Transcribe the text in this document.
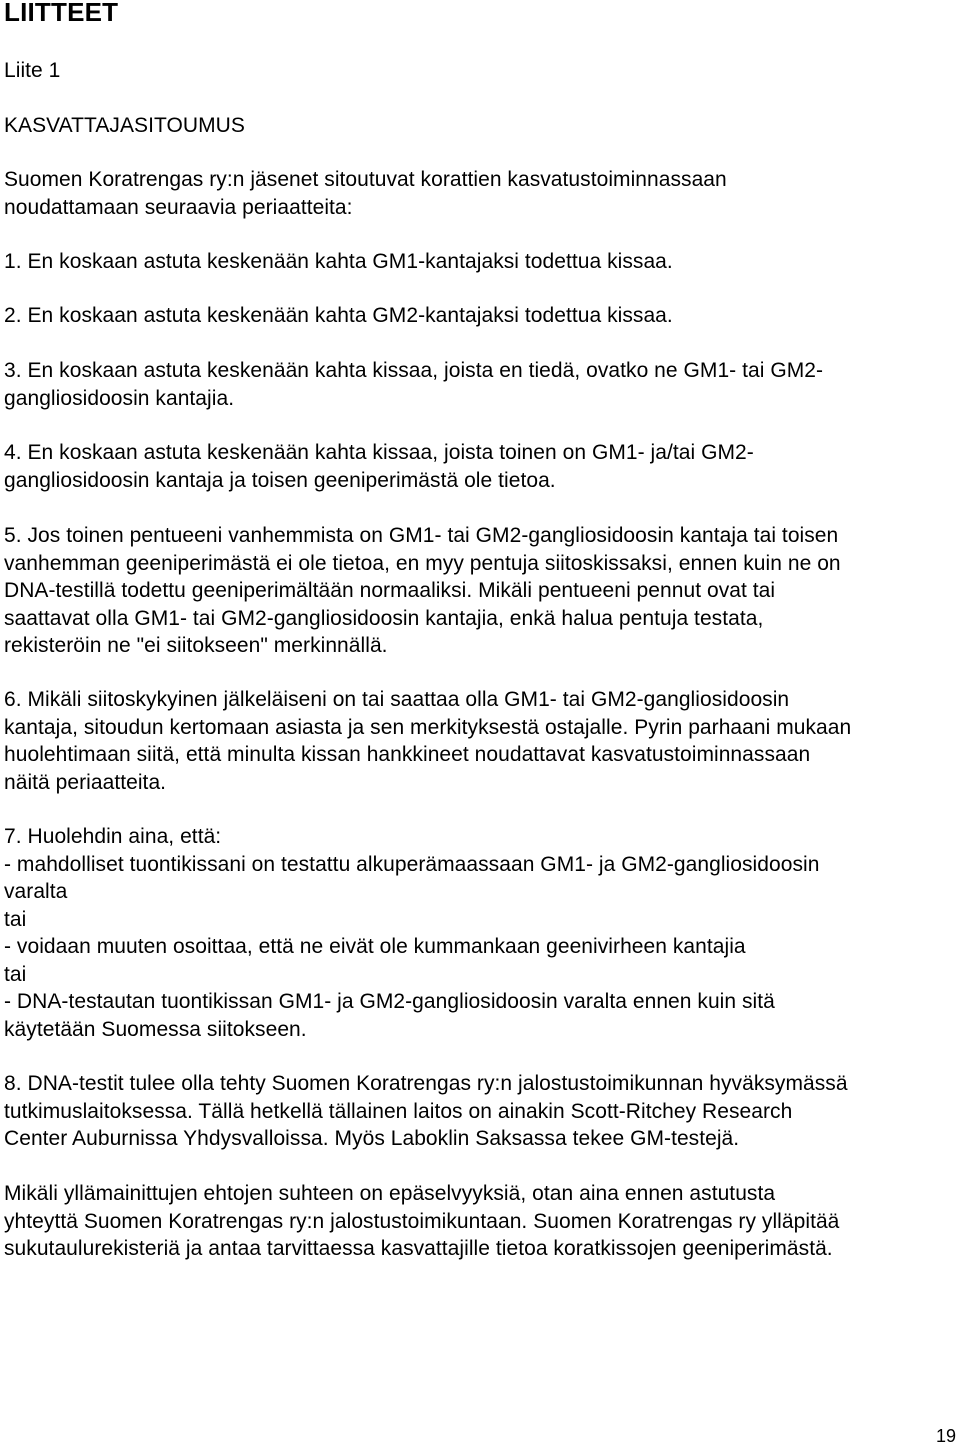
LIITTEET
Liite 1
KASVATTAJASITOUMUS
Suomen Koratrengas ry:n jäsenet sitoutuvat korattien kasvatustoiminnassaan
noudattamaan seuraavia periaatteita:
1. En koskaan astuta keskenään kahta GM1-kantajaksi todettua kissaa.
2. En koskaan astuta keskenään kahta GM2-kantajaksi todettua kissaa.
3. En koskaan astuta keskenään kahta kissaa, joista en tiedä, ovatko ne GM1- tai GM2-
gangliosidoosin kantajia.
4. En koskaan astuta keskenään kahta kissaa, joista toinen on GM1- ja/tai GM2-
gangliosidoosin kantaja ja toisen geeniperimästä ole tietoa.
5. Jos toinen pentueeni vanhemmista on GM1- tai GM2-gangliosidoosin kantaja tai toisen
vanhemman geeniperimästä ei ole tietoa, en myy pentuja siitoskissaksi, ennen kuin ne on
DNA-testillä todettu geeniperimältään normaaliksi. Mikäli pentueeni pennut ovat tai
saattavat olla GM1- tai GM2-gangliosidoosin kantajia, enkä halua pentuja testata,
rekisteröin ne "ei siitokseen" merkinnällä.
6. Mikäli siitoskykyinen jälkeläiseni on tai saattaa olla GM1- tai GM2-gangliosidoosin
kantaja, sitoudun kertomaan asiasta ja sen merkityksestä ostajalle. Pyrin parhaani mukaan
huolehtimaan siitä, että minulta kissan hankkineet noudattavat kasvatustoiminnassaan
näitä periaatteita.
7. Huolehdin aina, että:
- mahdolliset tuontikissani on testattu alkuperämaassaan GM1- ja GM2-gangliosidoosin
varalta
tai
- voidaan muuten osoittaa, että ne eivät ole kummankaan geenivirheen kantajia
tai
- DNA-testautan tuontikissan GM1- ja GM2-gangliosidoosin varalta ennen kuin sitä
käytetään Suomessa siitokseen.
8. DNA-testit tulee olla tehty Suomen Koratrengas ry:n jalostustoimikunnan hyväksymässä
tutkimuslaitoksessa. Tällä hetkellä tällainen laitos on ainakin Scott-Ritchey Research
Center Auburnissa Yhdysvalloissa. Myös Laboklin Saksassa tekee GM-testejä.
Mikäli yllämainittujen ehtojen suhteen on epäselvyyksiä, otan aina ennen astutusta
yhteyttä Suomen Koratrengas ry:n jalostustoimikuntaan. Suomen Koratrengas ry ylläpitää
sukutaulurekisteriä ja antaa tarvittaessa kasvattajille tietoa koratkissojen geeniperimästä.
19
